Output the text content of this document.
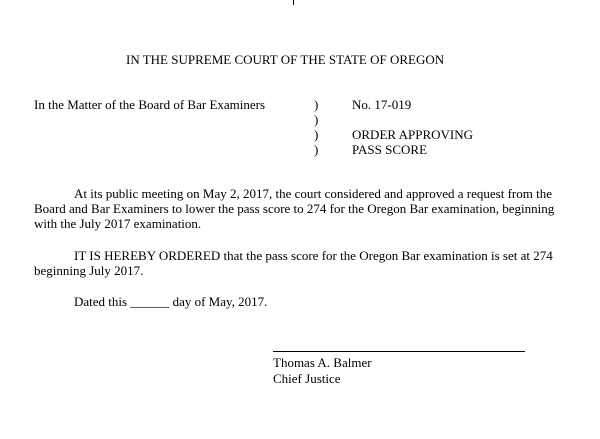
IN THE SUPREME COURT OF THE STATE OF OREGON
In the Matter of the Board of Bar Examiners	)
)
)
)
No. 17-019
ORDER APPROVING
PASS SCORE
At its public meeting on May 2, 2017, the court considered and approved a request from the Board and Bar Examiners to lower the pass score to 274 for the Oregon Bar examination, beginning with the July 2017 examination.
IT IS HEREBY ORDERED that the pass score for the Oregon Bar examination is set at 274 beginning July 2017.
Dated this ______ day of May, 2017.
Thomas A. Balmer
Chief Justice
